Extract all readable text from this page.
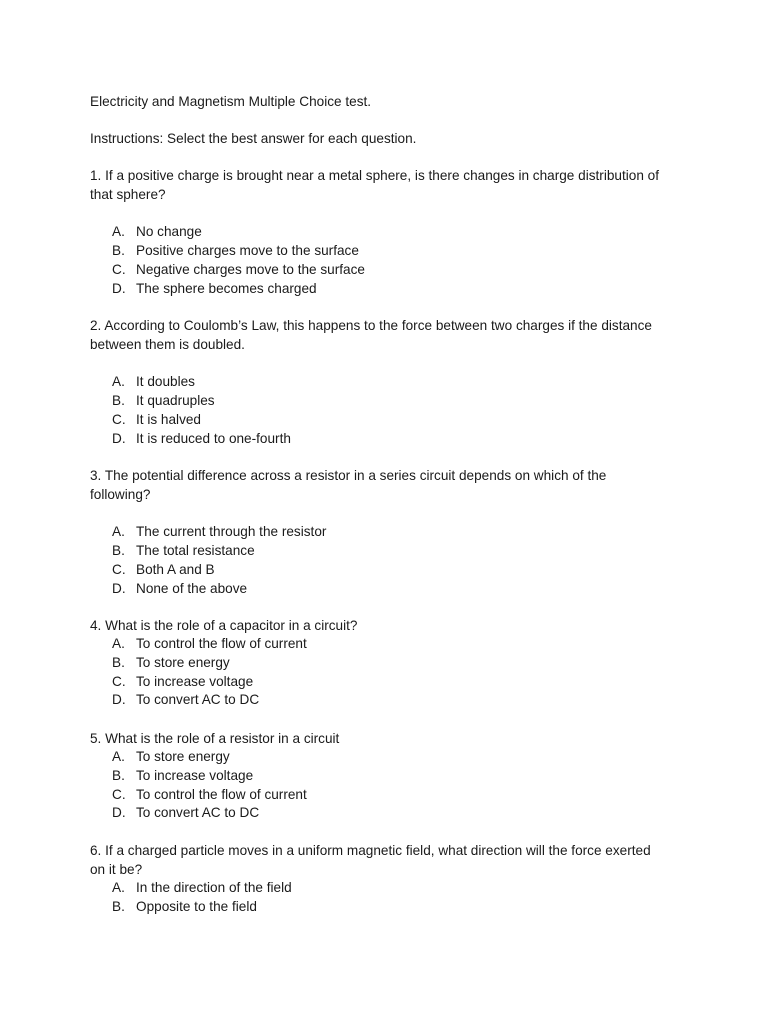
Electricity and Magnetism Multiple Choice test.
Instructions: Select the best answer for each question.
1. If a positive charge is brought near a metal sphere, is there changes in charge distribution of
that sphere?
A. No change
B. Positive charges move to the surface
C. Negative charges move to the surface
D. The sphere becomes charged
2. According to Coulomb’s Law, this happens to the force between two charges if the distance
between them is doubled.
A. It doubles
B. It quadruples
C. It is halved
D. It is reduced to one-fourth
3. The potential difference across a resistor in a series circuit depends on which of the
following?
A. The current through the resistor
B. The total resistance
C. Both A and B
D. None of the above
4. What is the role of a capacitor in a circuit?
A. To control the flow of current
B. To store energy
C. To increase voltage
D. To convert AC to DC
5. What is the role of a resistor in a circuit
A. To store energy
B. To increase voltage
C. To control the flow of current
D. To convert AC to DC
6. If a charged particle moves in a uniform magnetic field, what direction will the force exerted
on it be?
A. In the direction of the field
B. Opposite to the field
